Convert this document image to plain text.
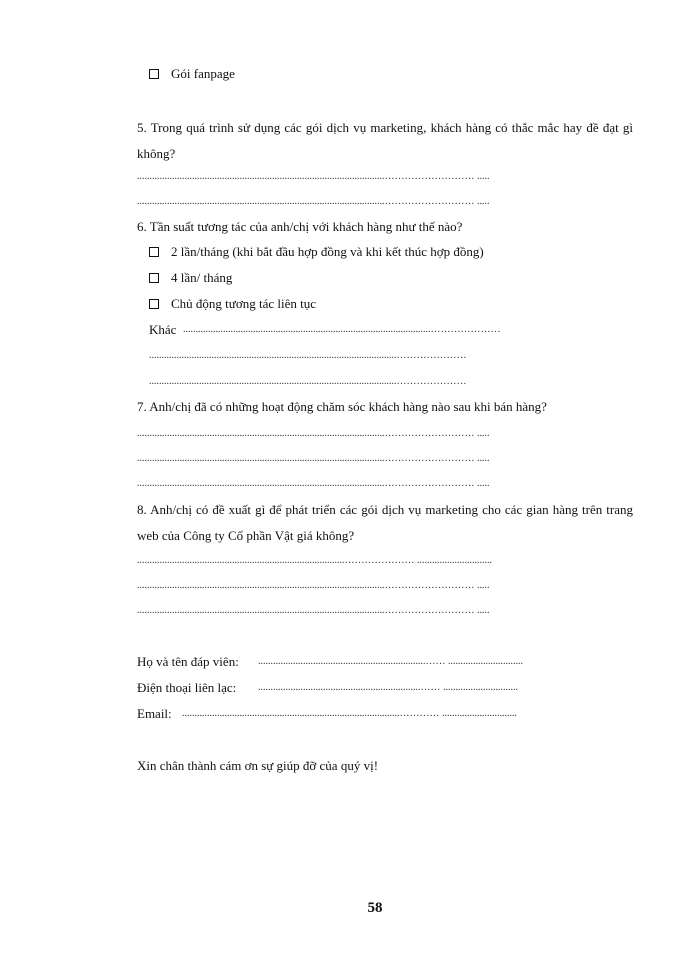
Gói fanpage
5. Trong quá trình sử dụng các gói dịch vụ marketing, khách hàng có thắc mắc hay đề đạt gì không?
...................................................................................................……………………… .....
...................................................................................................……………………… .....
6. Tần suất tương tác của anh/chị với khách hàng như thế nào?
2 lần/tháng (khi bắt đầu hợp đồng và khi kết thúc hợp đồng)
4 lần/ tháng
Chủ động tương tác liên tục
Khác ...................................................................................................…………………
...................................................................................................…………………
...................................................................................................…………………
7. Anh/chị đã có những hoạt động chăm sóc khách hàng nào sau khi bán hàng?
...................................................................................................……………………… .....
...................................................................................................……………………… .....
...................................................................................................……………………… .....
8. Anh/chị có đề xuất gì để phát triển các gói dịch vụ marketing cho các gian hàng trên trang web của Công ty Cổ phần Vật giá không?
...................................................................................………………… ..............................
...................................................................................................……………………… .....
...................................................................................................……………………… .....
Họ và tên đáp viên: ...................................................................…… ..............................
Điện thoại liên lạc: .................................................................…… ..............................
Email: .......................................................................................………… ..............................
Xin chân thành cám ơn sự giúp đỡ của quý vị!
58
